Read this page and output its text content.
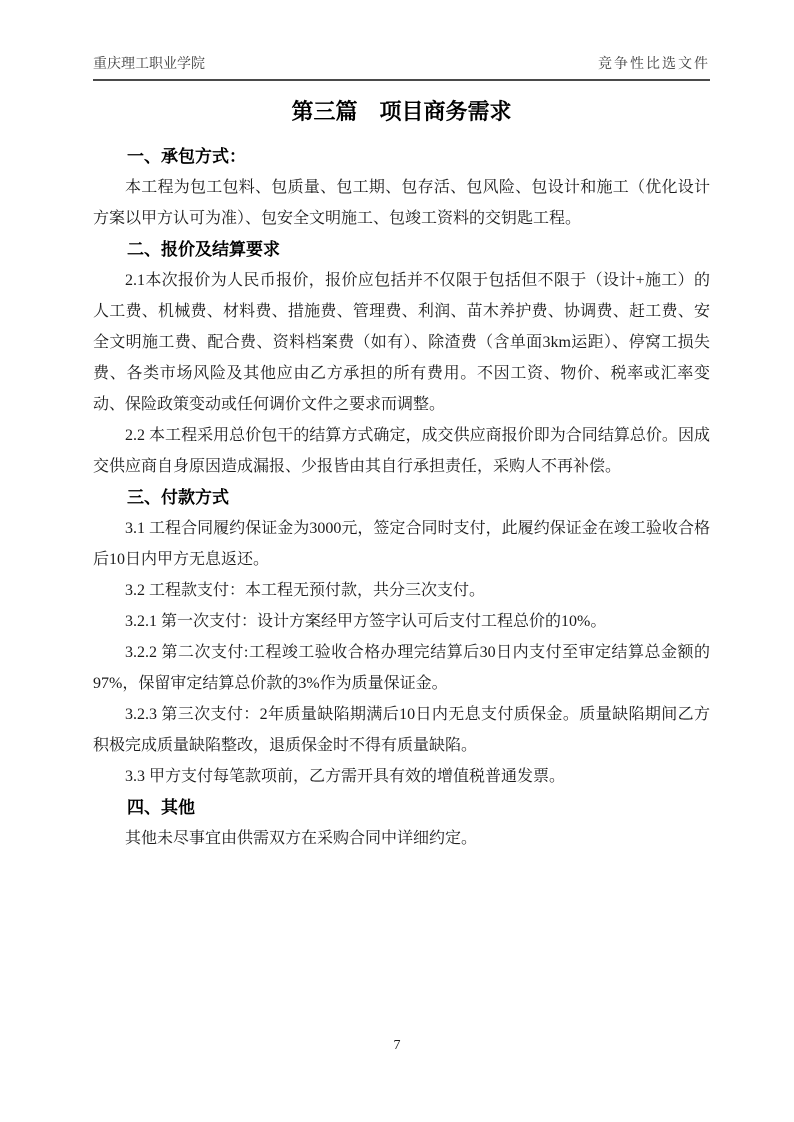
重庆理工职业学院	竞争性比选文件
第三篇　项目商务需求
一、承包方式：

本工程为包工包料、包质量、包工期、包存活、包风险、包设计和施工（优化设计方案以甲方认可为准）、包安全文明施工、包竣工资料的交钥匙工程。

二、报价及结算要求

2.1本次报价为人民币报价，报价应包括并不仅限于包括但不限于（设计+施工）的人工费、机械费、材料费、措施费、管理费、利润、苗木养护费、协调费、赶工费、安全文明施工费、配合费、资料档案费（如有）、除渣费（含单面3km运距）、停窝工损失费、各类市场风险及其他应由乙方承担的所有费用。不因工资、物价、税率或汇率变动、保险政策变动或任何调价文件之要求而调整。

2.2 本工程采用总价包干的结算方式确定，成交供应商报价即为合同结算总价。因成交供应商自身原因造成漏报、少报皆由其自行承担责任，采购人不再补偿。

三、付款方式

3.1 工程合同履约保证金为3000元，签定合同时支付，此履约保证金在竣工验收合格后10日内甲方无息返还。

3.2 工程款支付：本工程无预付款，共分三次支付。

3.2.1 第一次支付：设计方案经甲方签字认可后支付工程总价的10%。

3.2.2 第二次支付:工程竣工验收合格办理完结算后30日内支付至审定结算总金额的97%，保留审定结算总价款的3%作为质量保证金。

3.2.3 第三次支付：2年质量缺陷期满后10日内无息支付质保金。质量缺陷期间乙方积极完成质量缺陷整改，退质保金时不得有质量缺陷。

3.3 甲方支付每笔款项前，乙方需开具有效的增值税普通发票。

四、其他

其他未尽事宜由供需双方在采购合同中详细约定。

7
